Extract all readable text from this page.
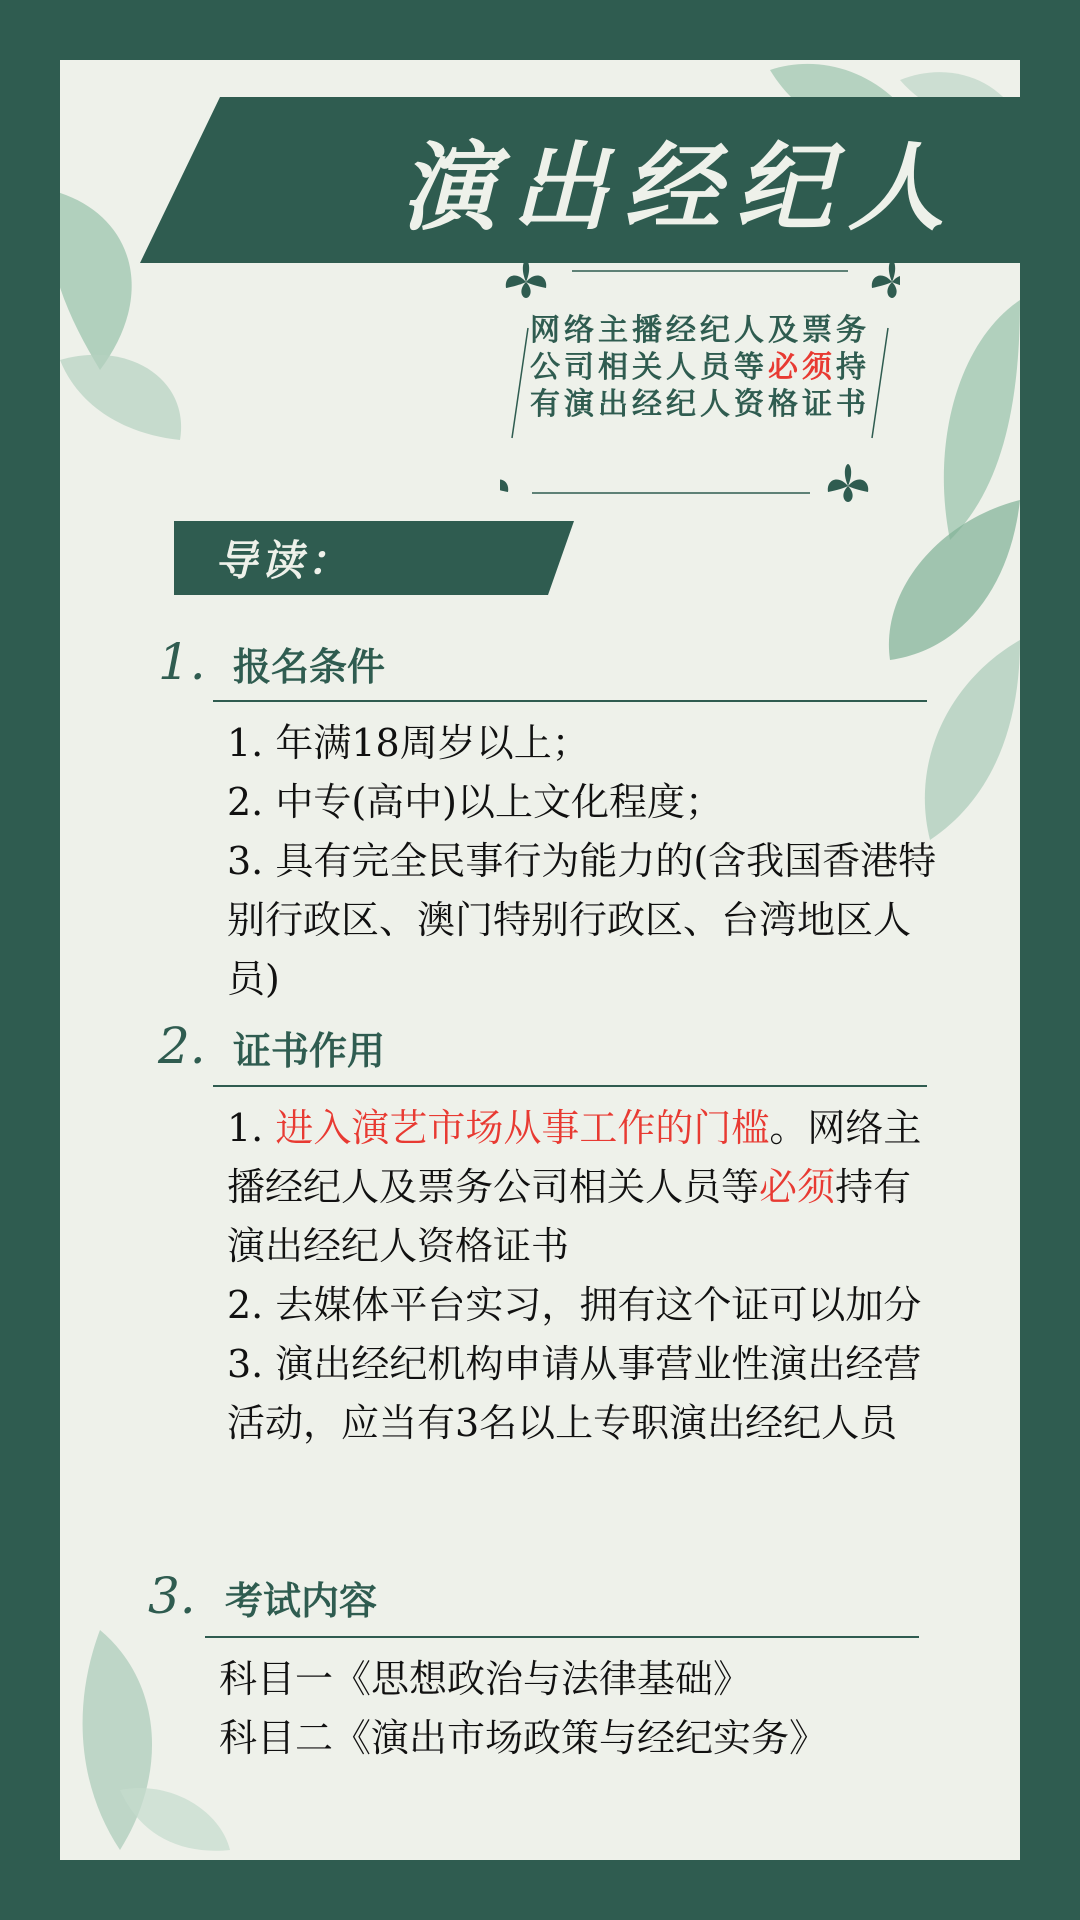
演出经纪人
网络主播经纪人及票务公司相关人员等必须持有演出经纪人资格证书
导读：
1. 报名条件

1. 年满18周岁以上；

2. 中专(高中)以上文化程度；

3. 具有完全民事行为能力的(含我国香港特别行政区、澳门特别行政区、台湾地区人员)

2. 证书作用

1. 进入演艺市场从事工作的门槛。网络主播经纪人及票务公司相关人员等必须持有演出经纪人资格证书

2. 去媒体平台实习，拥有这个证可以加分

3. 演出经纪机构申请从事营业性演出经营活动，应当有3名以上专职演出经纪人员

3. 考试内容

科目一《思想政治与法律基础》

科目二《演出市场政策与经纪实务》
